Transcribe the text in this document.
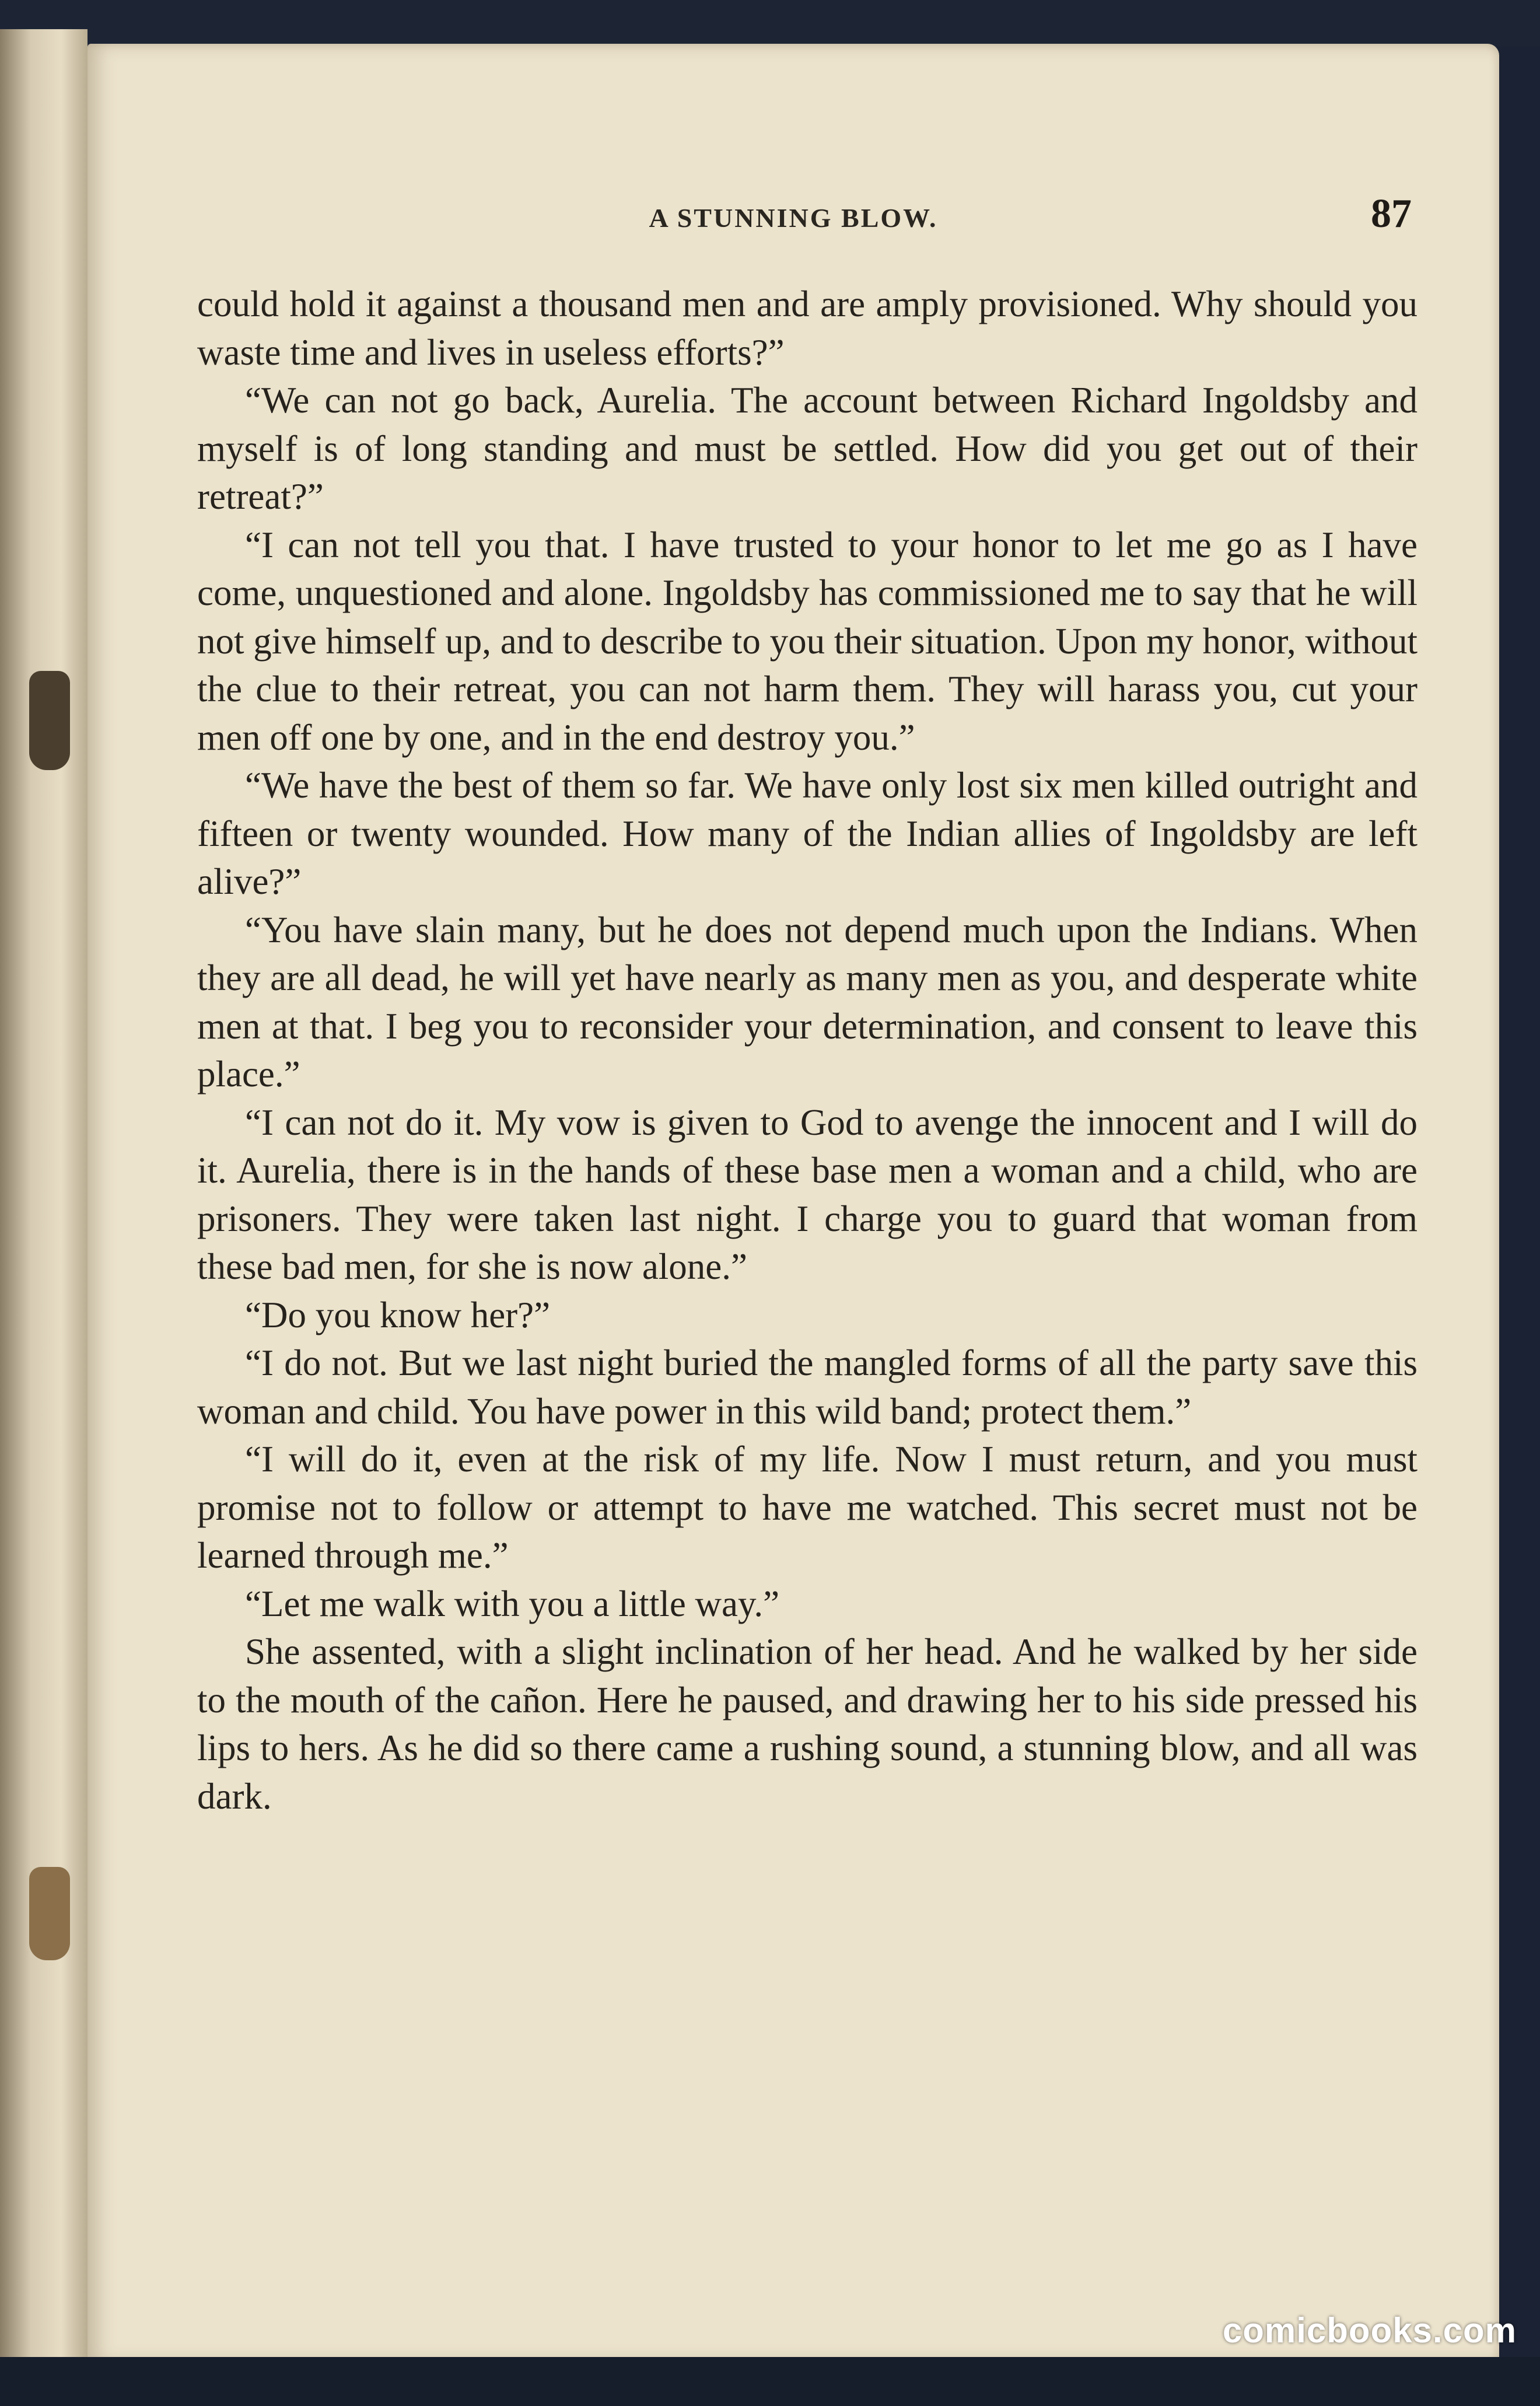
A STUNNING BLOW.	87

could hold it against a thousand men and are amply provisioned. Why should you waste time and lives in useless efforts?”

“We can not go back, Aurelia. The account between Richard Ingoldsby and myself is of long standing and must be settled. How did you get out of their retreat?”

“I can not tell you that. I have trusted to your honor to let me go as I have come, unquestioned and alone. Ingoldsby has commissioned me to say that he will not give himself up, and to describe to you their situation. Upon my honor, without the clue to their retreat, you can not harm them. They will harass you, cut your men off one by one, and in the end destroy you.”

“We have the best of them so far. We have only lost six men killed outright and fifteen or twenty wounded. How many of the Indian allies of Ingoldsby are left alive?”

“You have slain many, but he does not depend much upon the Indians. When they are all dead, he will yet have nearly as many men as you, and desperate white men at that. I beg you to reconsider your determination, and consent to leave this place.”

“I can not do it. My vow is given to God to avenge the innocent and I will do it. Aurelia, there is in the hands of these base men a woman and a child, who are prisoners. They were taken last night. I charge you to guard that woman from these bad men, for she is now alone.”

“Do you know her?”

“I do not. But we last night buried the mangled forms of all the party save this woman and child. You have power in this wild band; protect them.”

“I will do it, even at the risk of my life. Now I must return, and you must promise not to follow or attempt to have me watched. This secret must not be learned through me.”

“Let me walk with you a little way.”

She assented, with a slight inclination of her head. And he walked by her side to the mouth of the cañon. Here he paused, and drawing her to his side pressed his lips to hers. As he did so there came a rushing sound, a stunning blow, and all was dark.

comicbooks.com
